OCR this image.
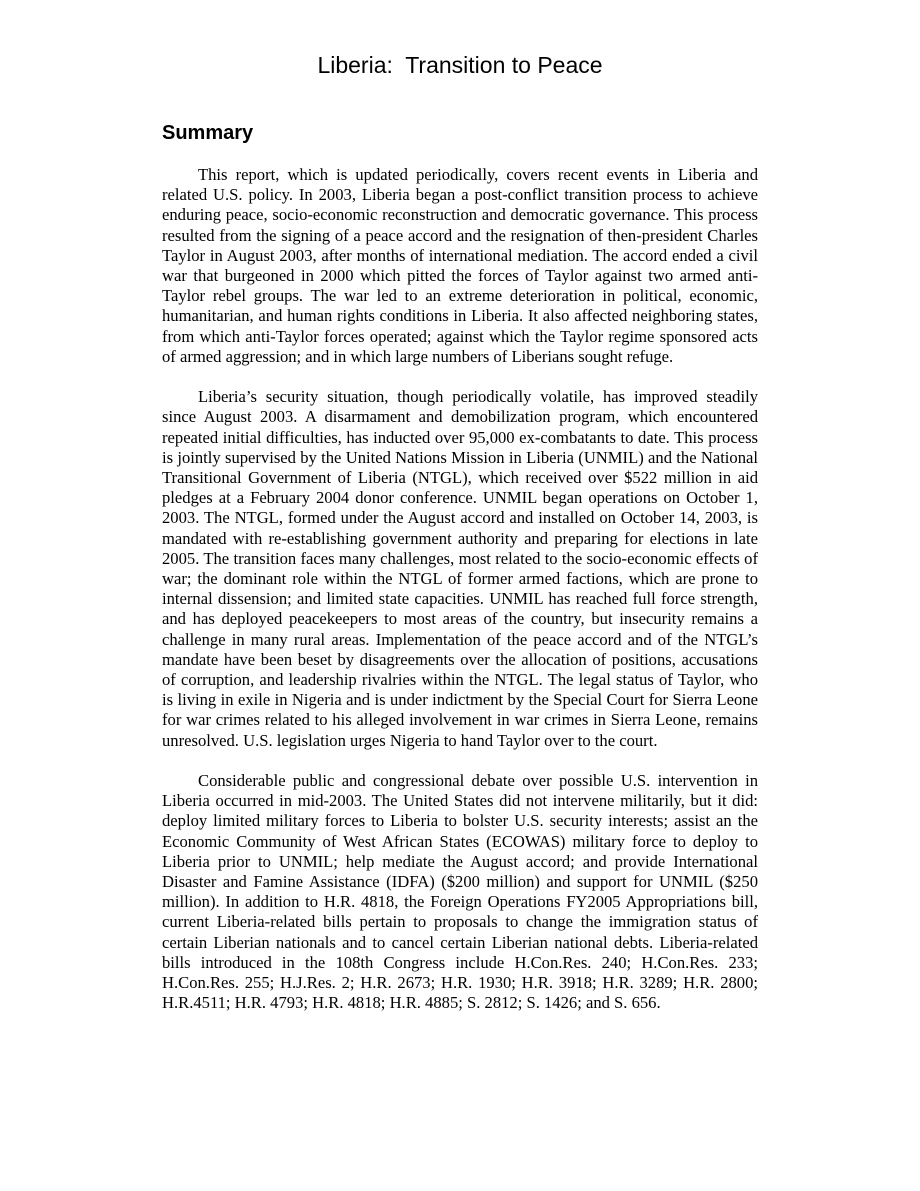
Liberia:  Transition to Peace
Summary

This report, which is updated periodically, covers recent events in Liberia and related U.S. policy. In 2003, Liberia began a post-conflict transition process to achieve enduring peace, socio-economic reconstruction and democratic governance. This process resulted from the signing of a peace accord and the resignation of then-president Charles Taylor in August 2003, after months of international mediation. The accord ended a civil war that burgeoned in 2000 which pitted the forces of Taylor against two armed anti-Taylor rebel groups. The war led to an extreme deterioration in political, economic, humanitarian, and human rights conditions in Liberia. It also affected neighboring states, from which anti-Taylor forces operated; against which the Taylor regime sponsored acts of armed aggression; and in which large numbers of Liberians sought refuge.

Liberia’s security situation, though periodically volatile, has improved steadily since August 2003. A disarmament and demobilization program, which encountered repeated initial difficulties, has inducted over 95,000 ex-combatants to date. This process is jointly supervised by the United Nations Mission in Liberia (UNMIL) and the National Transitional Government of Liberia (NTGL), which received over $522 million in aid pledges at a February 2004 donor conference. UNMIL began operations on October 1, 2003. The NTGL, formed under the August accord and installed on October 14, 2003, is mandated with re-establishing government authority and preparing for elections in late 2005. The transition faces many challenges, most related to the socio-economic effects of war; the dominant role within the NTGL of former armed factions, which are prone to internal dissension; and limited state capacities. UNMIL has reached full force strength, and has deployed peacekeepers to most areas of the country, but insecurity remains a challenge in many rural areas. Implementation of the peace accord and of the NTGL’s mandate have been beset by disagreements over the allocation of positions, accusations of corruption, and leadership rivalries within the NTGL. The legal status of Taylor, who is living in exile in Nigeria and is under indictment by the Special Court for Sierra Leone for war crimes related to his alleged involvement in war crimes in Sierra Leone, remains unresolved. U.S. legislation urges Nigeria to hand Taylor over to the court.

Considerable public and congressional debate over possible U.S. intervention in Liberia occurred in mid-2003. The United States did not intervene militarily, but it did: deploy limited military forces to Liberia to bolster U.S. security interests; assist an the Economic Community of West African States (ECOWAS) military force to deploy to Liberia prior to UNMIL; help mediate the August accord; and provide International Disaster and Famine Assistance (IDFA) ($200 million) and support for UNMIL ($250 million). In addition to H.R. 4818, the Foreign Operations FY2005 Appropriations bill, current Liberia-related bills pertain to proposals to change the immigration status of certain Liberian nationals and to cancel certain Liberian national debts. Liberia-related bills introduced in the 108th Congress include H.Con.Res. 240; H.Con.Res. 233; H.Con.Res. 255; H.J.Res. 2; H.R. 2673; H.R. 1930; H.R. 3918; H.R. 3289; H.R. 2800; H.R.4511; H.R. 4793; H.R. 4818; H.R. 4885; S. 2812; S. 1426; and S. 656.
